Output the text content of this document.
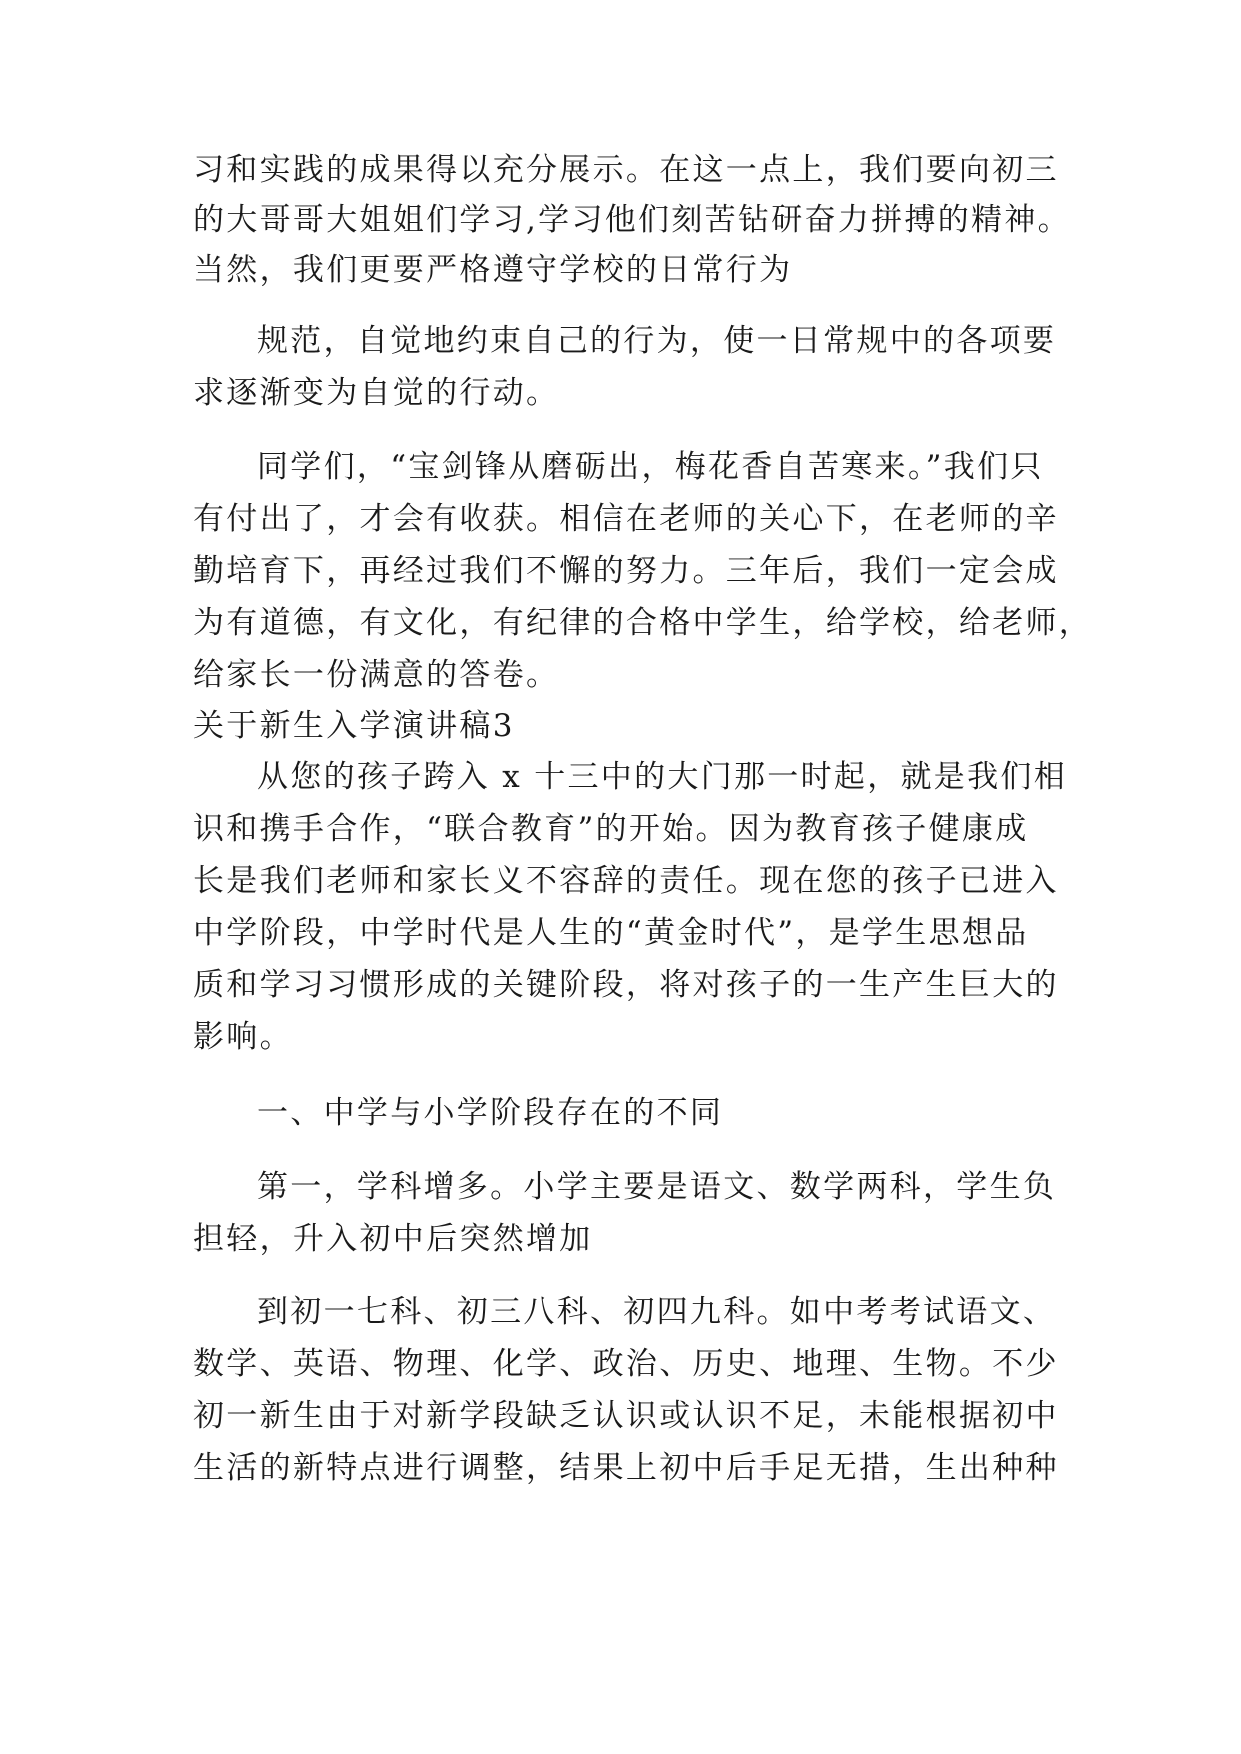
习和实践的成果得以充分展示。在这一点上，我们要向初三
的大哥哥大姐姐们学习,学习他们刻苦钻研奋力拼搏的精神。
当然，我们更要严格遵守学校的日常行为
规范，自觉地约束自己的行为，使一日常规中的各项要
求逐渐变为自觉的行动。
同学们，“宝剑锋从磨砺出，梅花香自苦寒来。”我们只
有付出了，才会有收获。相信在老师的关心下，在老师的辛
勤培育下，再经过我们不懈的努力。三年后，我们一定会成
为有道德，有文化，有纪律的合格中学生，给学校，给老师，
给家长一份满意的答卷。
关于新生入学演讲稿3
从您的孩子跨入 x 十三中的大门那一时起，就是我们相
识和携手合作，“联合教育”的开始。因为教育孩子健康成
长是我们老师和家长义不容辞的责任。现在您的孩子已进入
中学阶段，中学时代是人生的“黄金时代”，是学生思想品
质和学习习惯形成的关键阶段，将对孩子的一生产生巨大的
影响。
一、中学与小学阶段存在的不同
第一，学科增多。小学主要是语文、数学两科，学生负
担轻，升入初中后突然增加
到初一七科、初三八科、初四九科。如中考考试语文、
数学、英语、物理、化学、政治、历史、地理、生物。不少
初一新生由于对新学段缺乏认识或认识不足，未能根据初中
生活的新特点进行调整，结果上初中后手足无措，生出种种
